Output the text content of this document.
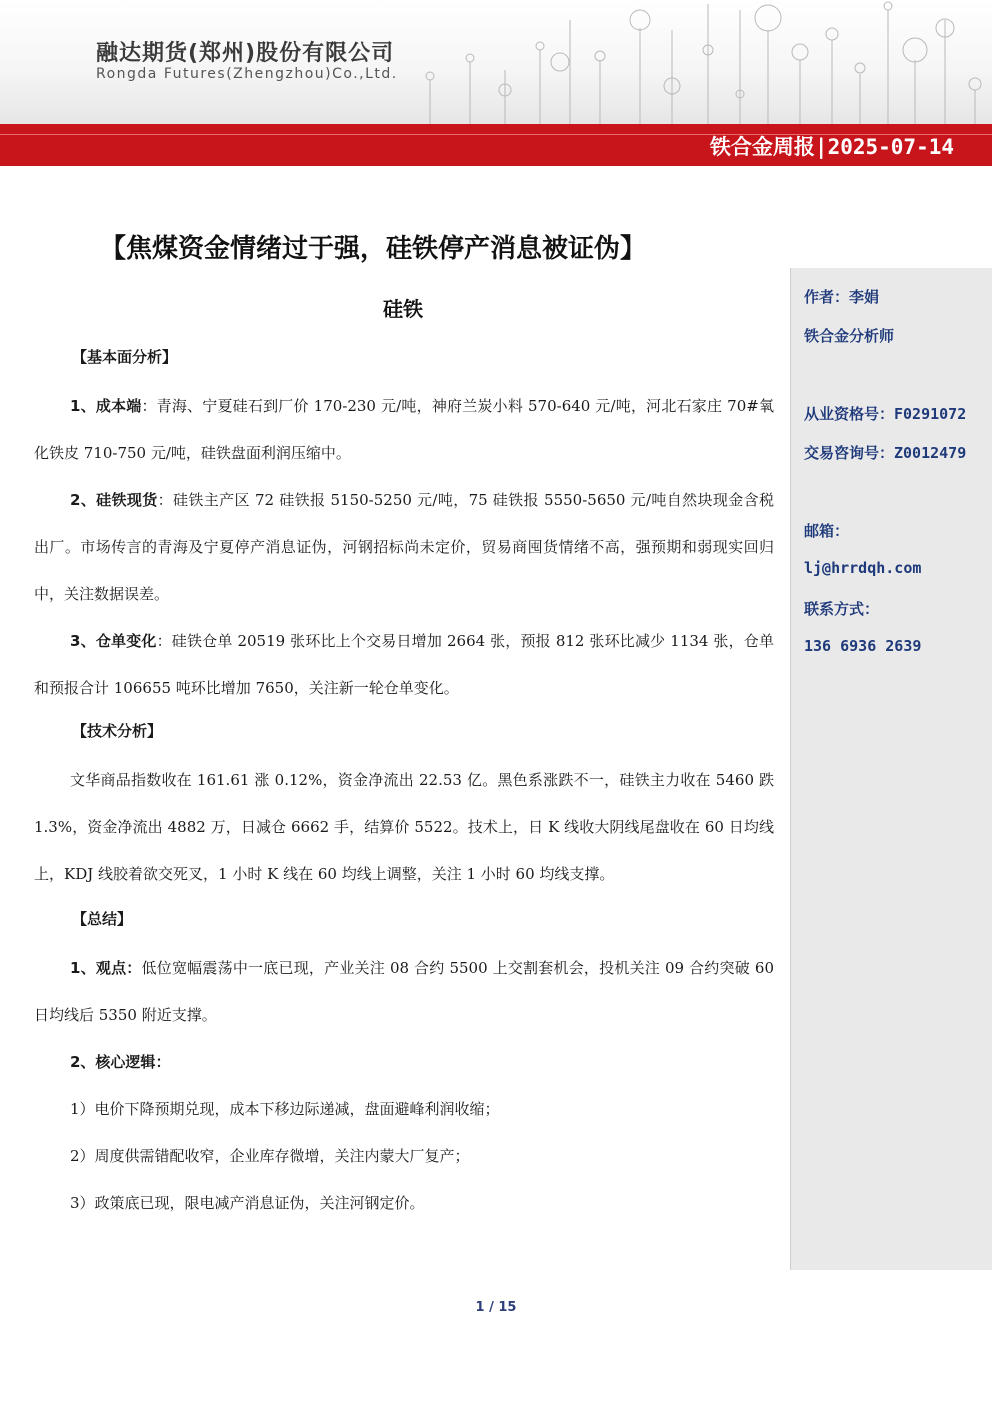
融达期货(郑州)股份有限公司
Rongda Futures(Zhengzhou)Co.,Ltd.
铁合金周报|2025-07-14
【焦煤资金情绪过于强，硅铁停产消息被证伪】
硅铁	作者：李娟
铁合金分析师
从业资格号：F0291072
交易咨询号：Z0012479
邮箱：
lj@hrrdqh.com
联系方式：
136 6936 2639
【基本面分析】

1、成本端：青海、宁夏硅石到厂价 170-230 元/吨，神府兰炭小料 570-640 元/吨，河北石家庄 70#氧化铁皮 710-750 元/吨，硅铁盘面利润压缩中。

2、硅铁现货：硅铁主产区 72 硅铁报 5150-5250 元/吨，75 硅铁报 5550-5650 元/吨自然块现金含税出厂。市场传言的青海及宁夏停产消息证伪，河钢招标尚未定价，贸易商囤货情绪不高，强预期和弱现实回归中，关注数据误差。

3、仓单变化：硅铁仓单 20519 张环比上个交易日增加 2664 张，预报 812 张环比减少 1134 张，仓单和预报合计 106655 吨环比增加 7650，关注新一轮仓单变化。

【技术分析】

文华商品指数收在 161.61 涨 0.12%，资金净流出 22.53 亿。黑色系涨跌不一，硅铁主力收在 5460 跌 1.3%，资金净流出 4882 万，日减仓 6662 手，结算价 5522。技术上，日 K 线收大阴线尾盘收在 60 日均线上，KDJ 线胶着欲交死叉，1 小时 K 线在 60 均线上调整，关注 1 小时 60 均线支撑。

【总结】

1、观点：低位宽幅震荡中一底已现，产业关注 08 合约 5500 上交割套机会，投机关注 09 合约突破 60 日均线后 5350 附近支撑。

2、核心逻辑：

1）电价下降预期兑现，成本下移边际递减，盘面避峰利润收缩；

2）周度供需错配收窄，企业库存微增，关注内蒙大厂复产；

3）政策底已现，限电减产消息证伪，关注河钢定价。

1 / 15
